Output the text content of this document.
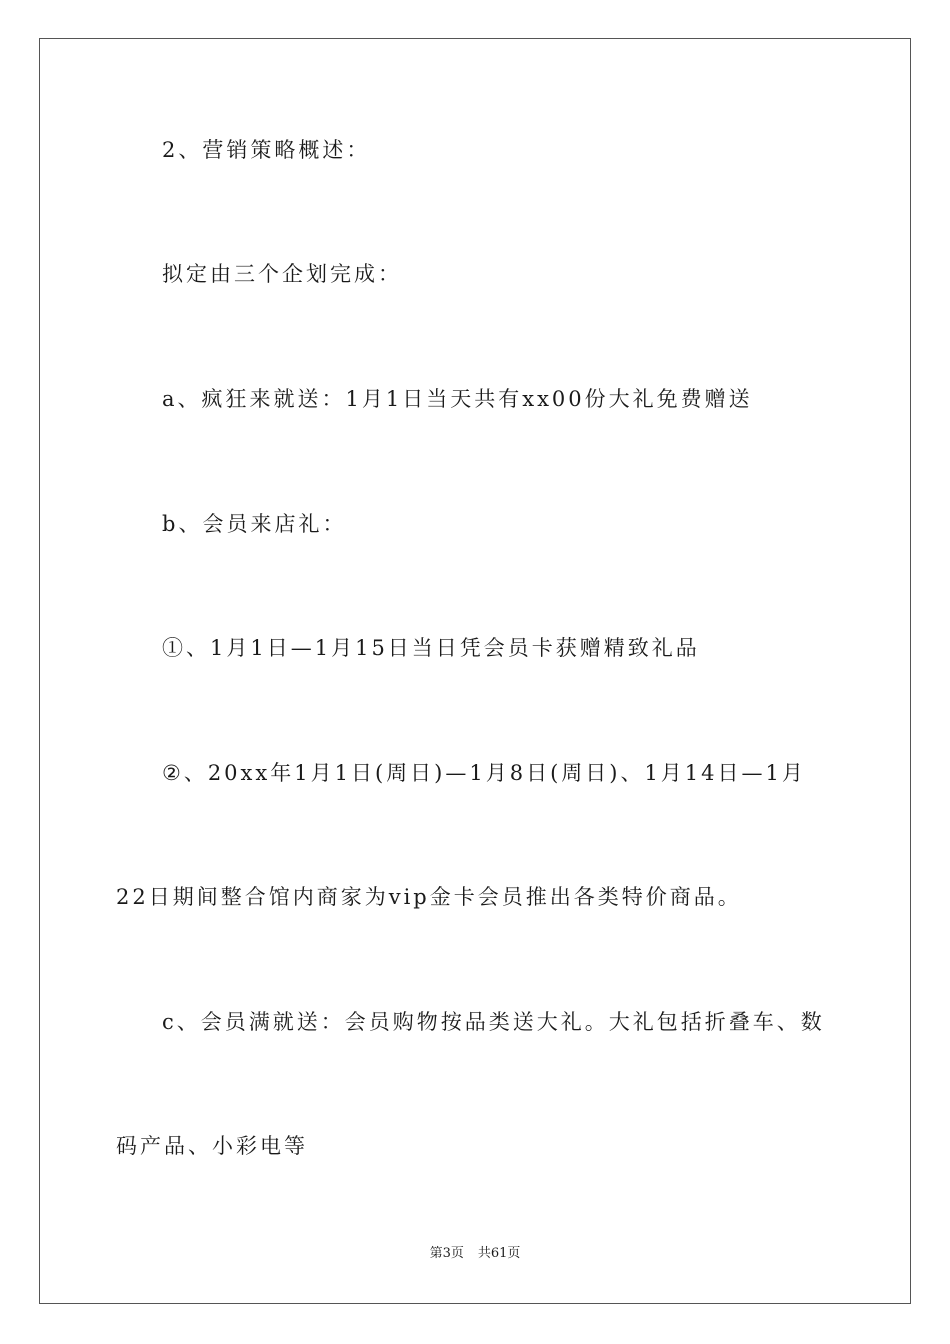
2、营销策略概述：
拟定由三个企划完成：
a、疯狂来就送：1月1日当天共有xx00份大礼免费赠送
b、会员来店礼：
①、1月1日—1月15日当日凭会员卡获赠精致礼品
②、20xx年1月1日(周日)—1月8日(周日)、1月14日—1月
22日期间整合馆内商家为vip金卡会员推出各类特价商品。
c、会员满就送：会员购物按品类送大礼。大礼包括折叠车、数
码产品、小彩电等
第3页 共61页
